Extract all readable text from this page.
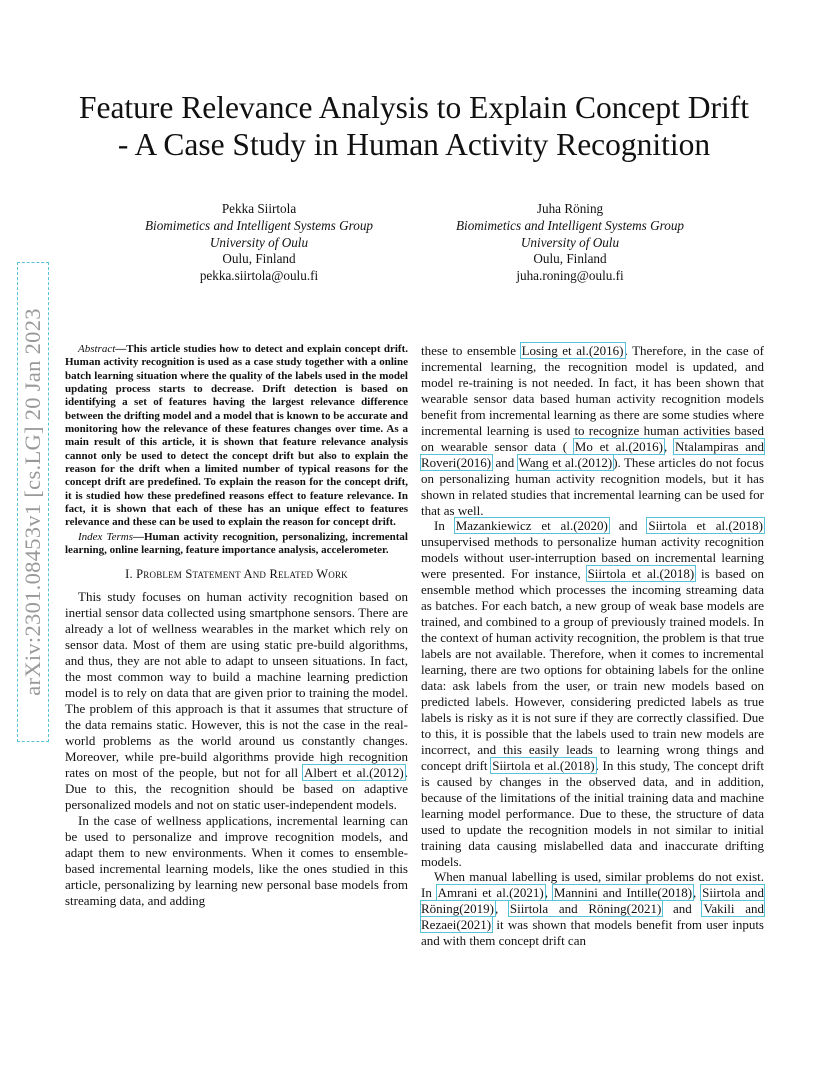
Feature Relevance Analysis to Explain Concept Drift - A Case Study in Human Activity Recognition
Pekka Siirtola
Biomimetics and Intelligent Systems Group
University of Oulu
Oulu, Finland
pekka.siirtola@oulu.fi
Juha Röning
Biomimetics and Intelligent Systems Group
University of Oulu
Oulu, Finland
juha.roning@oulu.fi
arXiv:2301.08453v1 [cs.LG] 20 Jan 2023	Abstract—This article studies how to detect and explain concept drift. Human activity recognition is used as a case study together with a online batch learning situation where the quality of the labels used in the model updating process starts to decrease. Drift detection is based on identifying a set of features having the largest relevance difference between the drifting model and a model that is known to be accurate and monitoring how the relevance of these features changes over time. As a main result of this article, it is shown that feature relevance analysis cannot only be used to detect the concept drift but also to explain the reason for the drift when a limited number of typical reasons for the concept drift are predefined. To explain the reason for the concept drift, it is studied how these predefined reasons effect to feature relevance. In fact, it is shown that each of these has an unique effect to features relevance and these can be used to explain the reason for concept drift.

Index Terms—Human activity recognition, personalizing, incremental learning, online learning, feature importance analysis, accelerometer.

I. Problem Statement And Related Work

This study focuses on human activity recognition based on inertial sensor data collected using smartphone sensors. There are already a lot of wellness wearables in the market which rely on sensor data. Most of them are using static pre-build algorithms, and thus, they are not able to adapt to unseen situations. In fact, the most common way to build a machine learning prediction model is to rely on data that are given prior to training the model. The problem of this approach is that it assumes that structure of the data remains static. However, this is not the case in the real-world problems as the world around us constantly changes. Moreover, while pre-build algorithms provide high recognition rates on most of the people, but not for all Albert et al.(2012). Due to this, the recognition should be based on adaptive personalized models and not on static user-independent models.

In the case of wellness applications, incremental learning can be used to personalize and improve recognition models, and adapt them to new environments. When it comes to ensemble-based incremental learning models, like the ones studied in this article, personalizing by learning new personal base models from streaming data, and adding

these to ensemble Losing et al.(2016). Therefore, in the case of incremental learning, the recognition model is updated, and model re-training is not needed. In fact, it has been shown that wearable sensor data based human activity recognition models benefit from incremental learning as there are some studies where incremental learning is used to recognize human activities based on wearable sensor data ( Mo et al.(2016), Ntalampiras and Roveri(2016) and Wang et al.(2012)). These articles do not focus on personalizing human activity recognition models, but it has shown in related studies that incremental learning can be used for that as well.

In Mazankiewicz et al.(2020) and Siirtola et al.(2018) unsupervised methods to personalize human activity recognition models without user-interruption based on incremental learning were presented. For instance, Siirtola et al.(2018) is based on ensemble method which processes the incoming streaming data as batches. For each batch, a new group of weak base models are trained, and combined to a group of previously trained models. In the context of human activity recognition, the problem is that true labels are not available. Therefore, when it comes to incremental learning, there are two options for obtaining labels for the online data: ask labels from the user, or train new models based on predicted labels. However, considering predicted labels as true labels is risky as it is not sure if they are correctly classified. Due to this, it is possible that the labels used to train new models are incorrect, and this easily leads to learning wrong things and concept drift Siirtola et al.(2018). In this study, The concept drift is caused by changes in the observed data, and in addition, because of the limitations of the initial training data and machine learning model performance. Due to these, the structure of data used to update the recognition models in not similar to initial training data causing mislabelled data and inaccurate drifting models.

When manual labelling is used, similar problems do not exist. In Amrani et al.(2021), Mannini and Intille(2018), Siirtola and Röning(2019), Siirtola and Röning(2021) and Vakili and Rezaei(2021) it was shown that models benefit from user inputs and with them concept drift can
